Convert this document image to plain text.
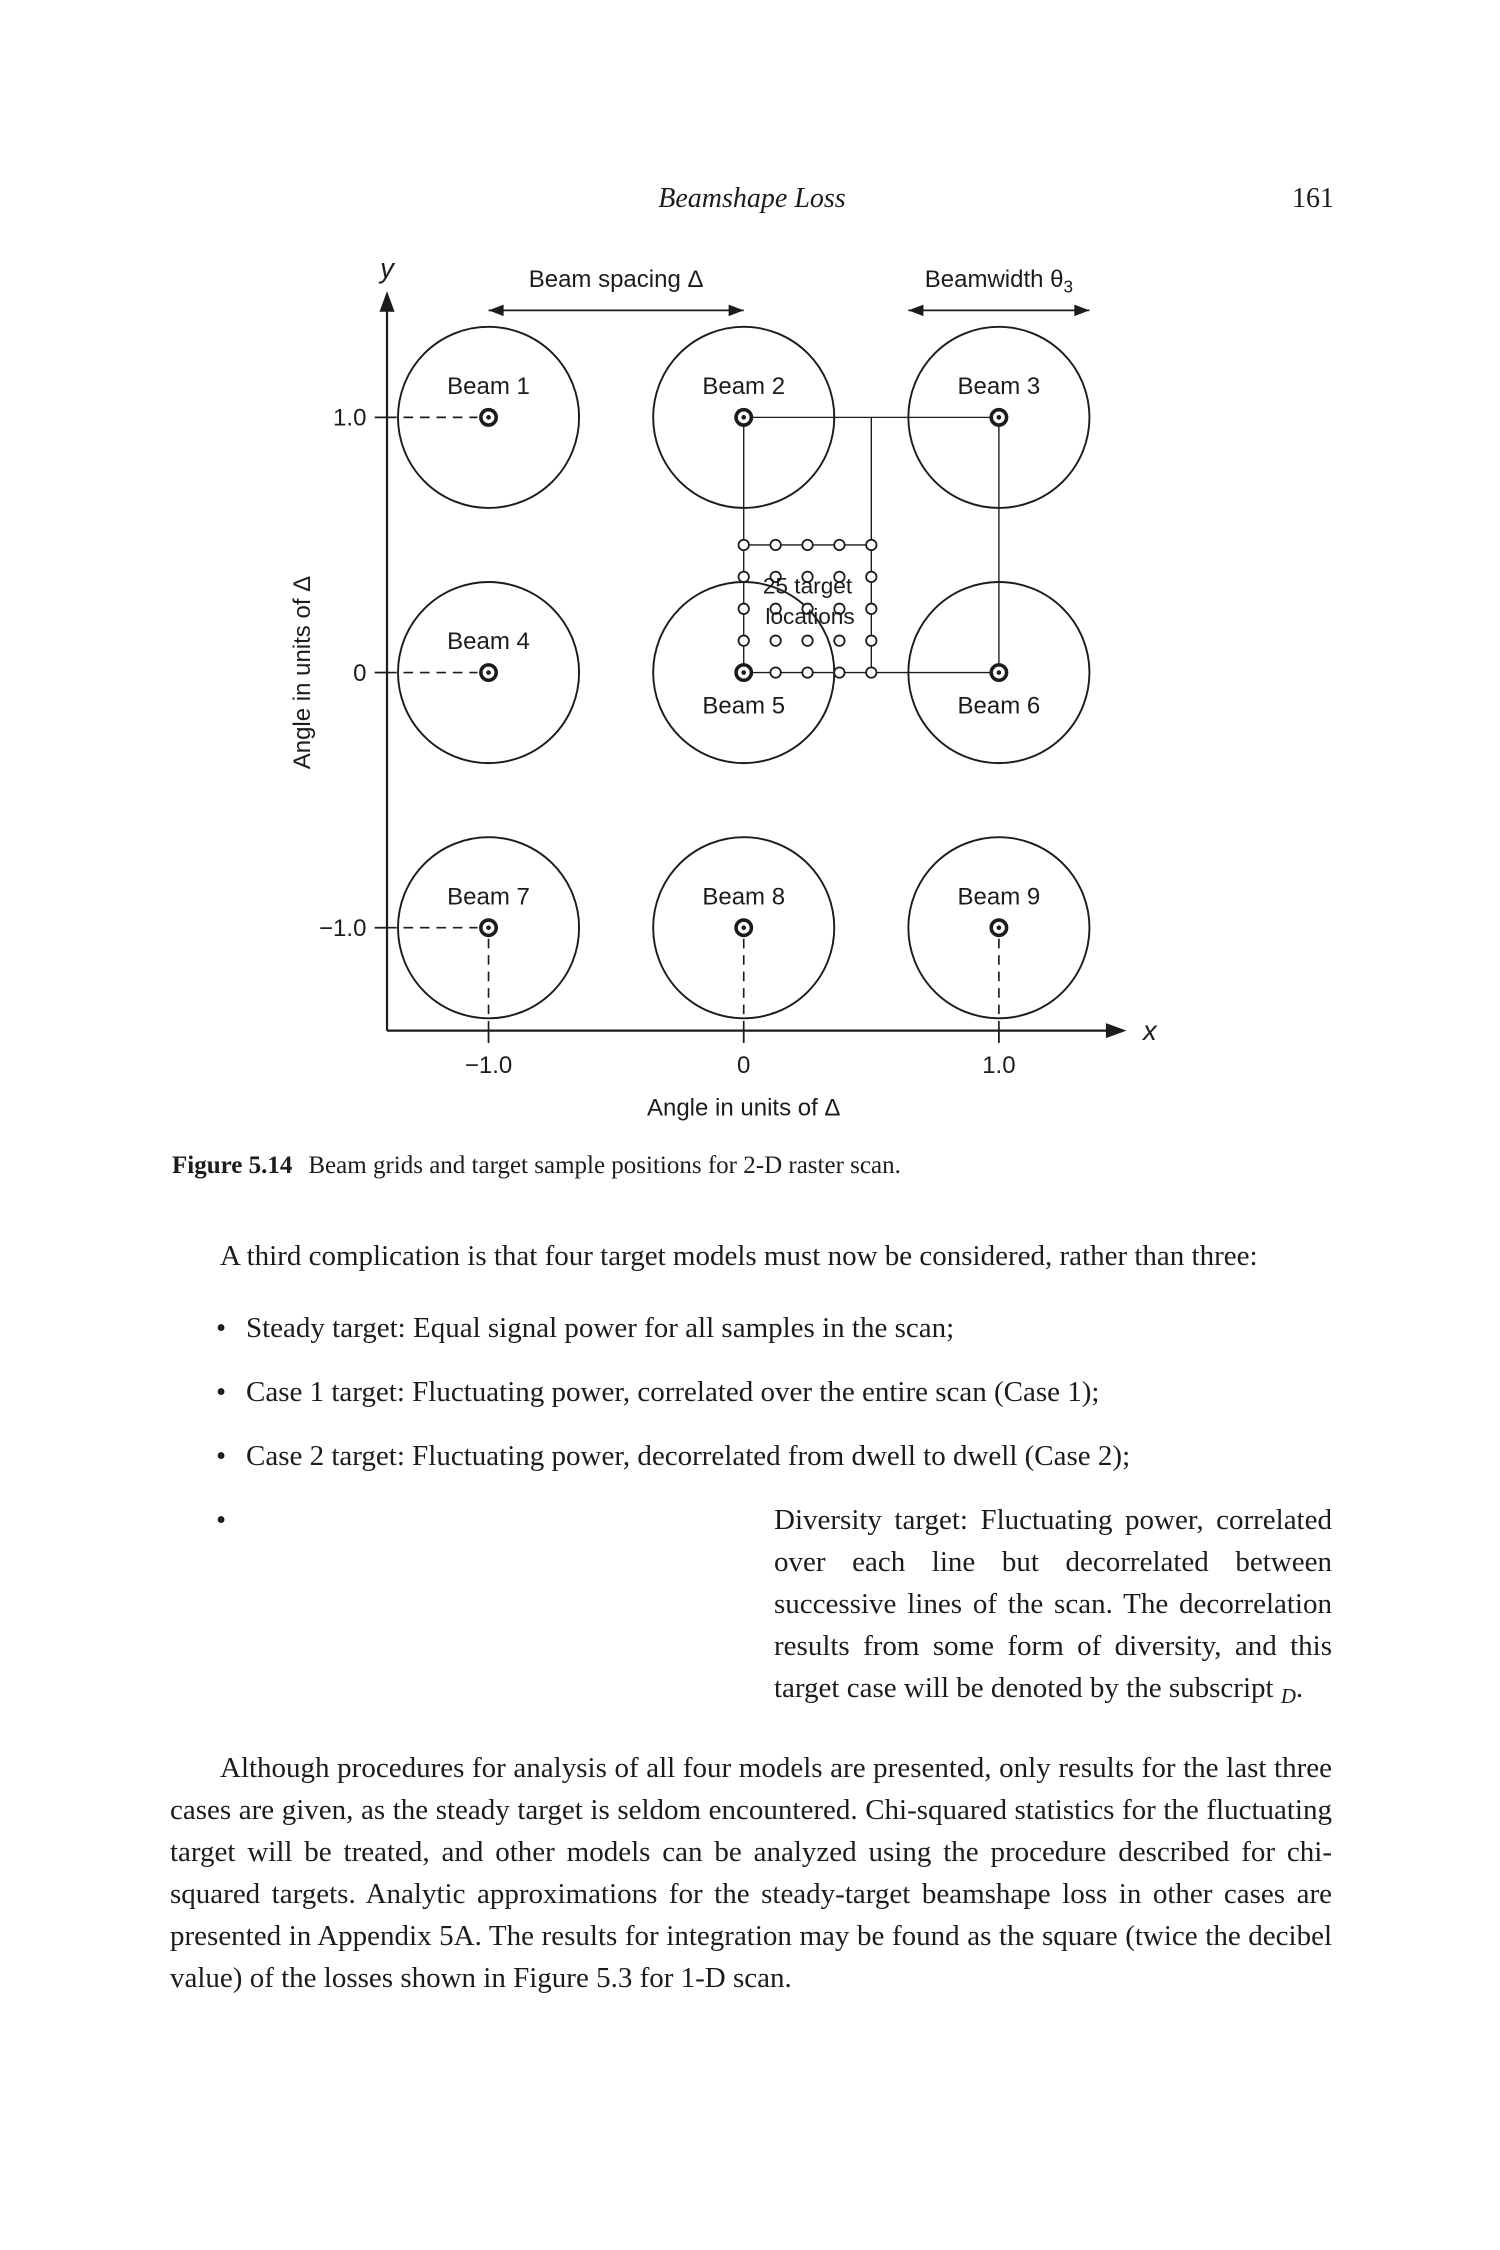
Beamshape Loss	161
y
x
1.0
0
−1.0
−1.0	0	1.0
Angle in units of Δ
Angle in units of Δ	25 target
locations
Beam 1	Beam 2	Beam 3
Beam 4
Beam 5	Beam 6
Beam 7	Beam 8	Beam 9
Beam spacing Δ	Beamwidth $\theta_3$
Figure 5.14 Beam grids and target sample positions for 2-D raster scan.

A third complication is that four target models must now be considered, rather than three:

• Steady target: Equal signal power for all samples in the scan;
• Case 1 target: Fluctuating power, correlated over the entire scan (Case 1);
• Case 2 target: Fluctuating power, decorrelated from dwell to dwell (Case 2);
•	Diversity target: Fluctuating power, correlated over each line but decorrelated between successive lines of the scan. The decorrelation results from some form of diversity, and this target case will be denoted by the subscript $_D$.

Although procedures for analysis of all four models are presented, only results for the last three cases are given, as the steady target is seldom encountered. Chi-squared statistics for the fluctuating target will be treated, and other models can be analyzed using the procedure described for chi-squared targets. Analytic approximations for the steady-target beamshape loss in other cases are presented in Appendix 5A. The results for integration may be found as the square (twice the decibel value) of the losses shown in Figure 5.3 for 1-D scan.
